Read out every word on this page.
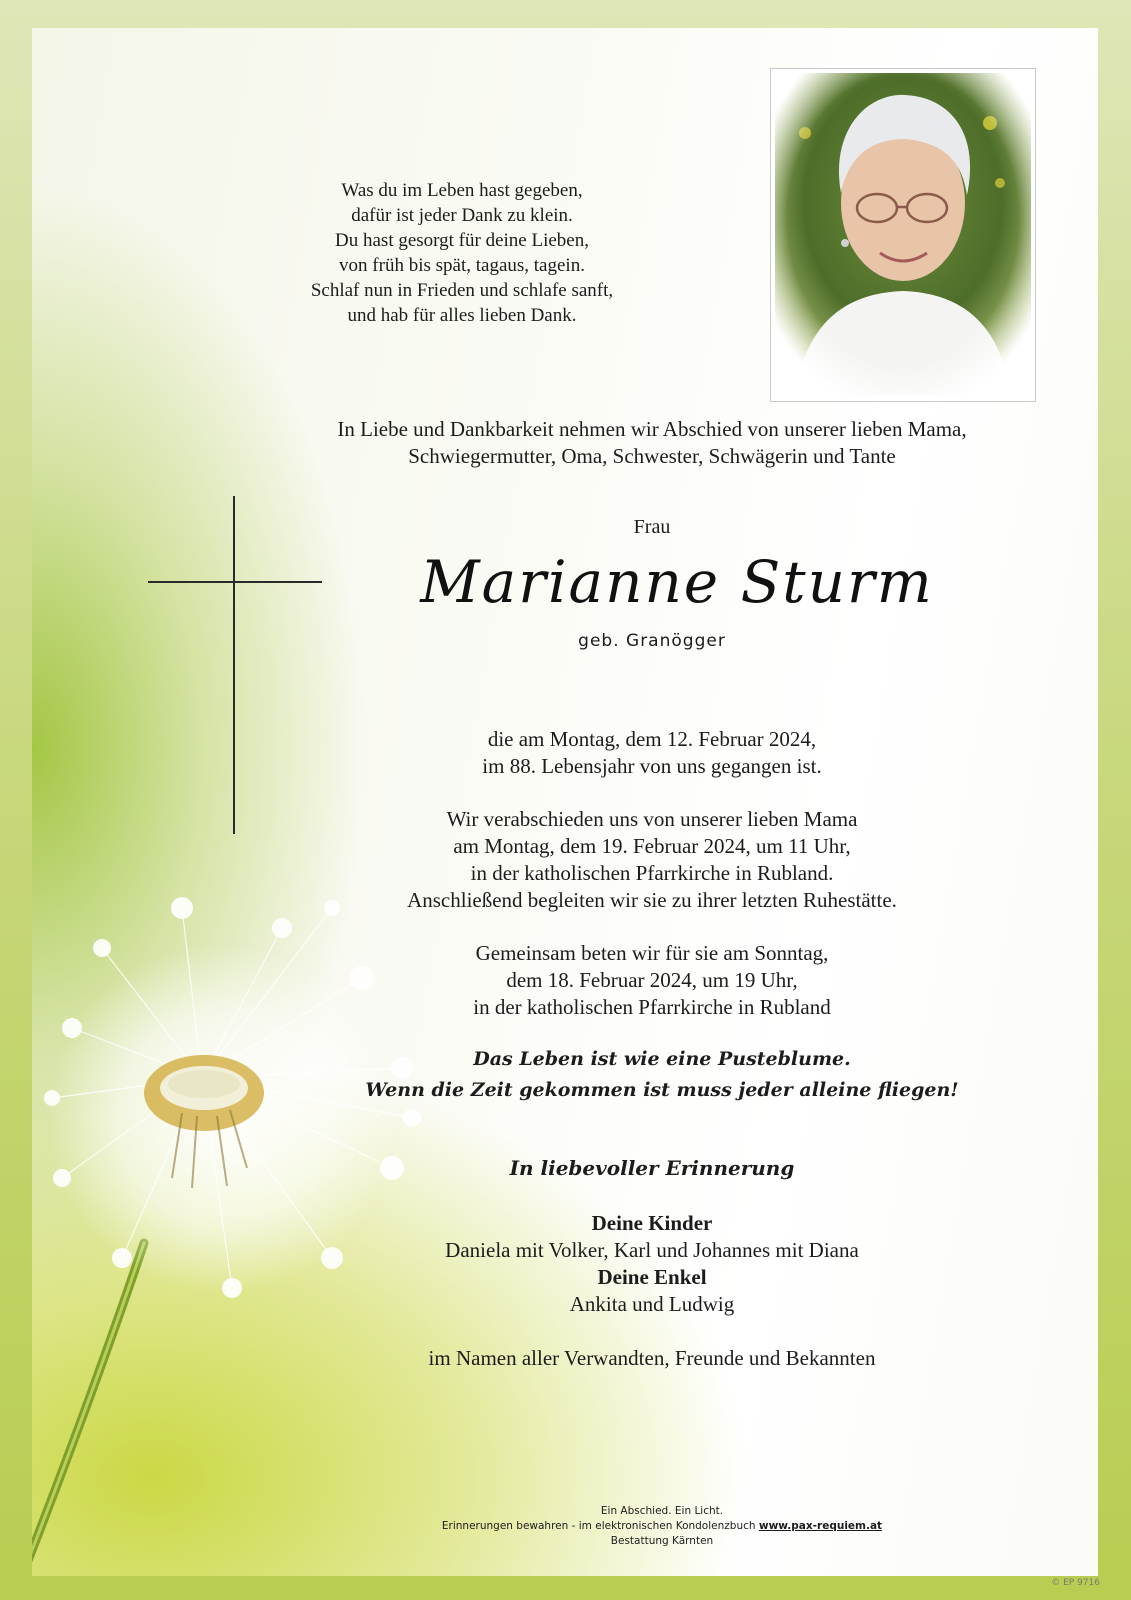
Was du im Leben hast gegeben,
dafür ist jeder Dank zu klein.
Du hast gesorgt für deine Lieben,
von früh bis spät, tagaus, tagein.
Schlaf nun in Frieden und schlafe sanft,
und hab für alles lieben Dank.
In Liebe und Dankbarkeit nehmen wir Abschied von unserer lieben Mama,
Schwiegermutter, Oma, Schwester, Schwägerin und Tante
Frau
Marianne Sturm
geb. Granögger
die am Montag, dem 12. Februar 2024,
im 88. Lebensjahr von uns gegangen ist.
Wir verabschieden uns von unserer lieben Mama
am Montag, dem 19. Februar 2024, um 11 Uhr,
in der katholischen Pfarrkirche in Rubland.
Anschließend begleiten wir sie zu ihrer letzten Ruhestätte.
Gemeinsam beten wir für sie am Sonntag,
dem 18. Februar 2024, um 19 Uhr,
in der katholischen Pfarrkirche in Rubland
Das Leben ist wie eine Pusteblume.
Wenn die Zeit gekommen ist muss jeder alleine fliegen!
In liebevoller Erinnerung
Deine Kinder
Daniela mit Volker, Karl und Johannes mit Diana
Deine Enkel
Ankita und Ludwig
im Namen aller Verwandten, Freunde und Bekannten
Ein Abschied. Ein Licht.
Erinnerungen bewahren - im elektronischen Kondolenzbuch www.pax-requiem.at
Bestattung Kärnten
© EP 9716
